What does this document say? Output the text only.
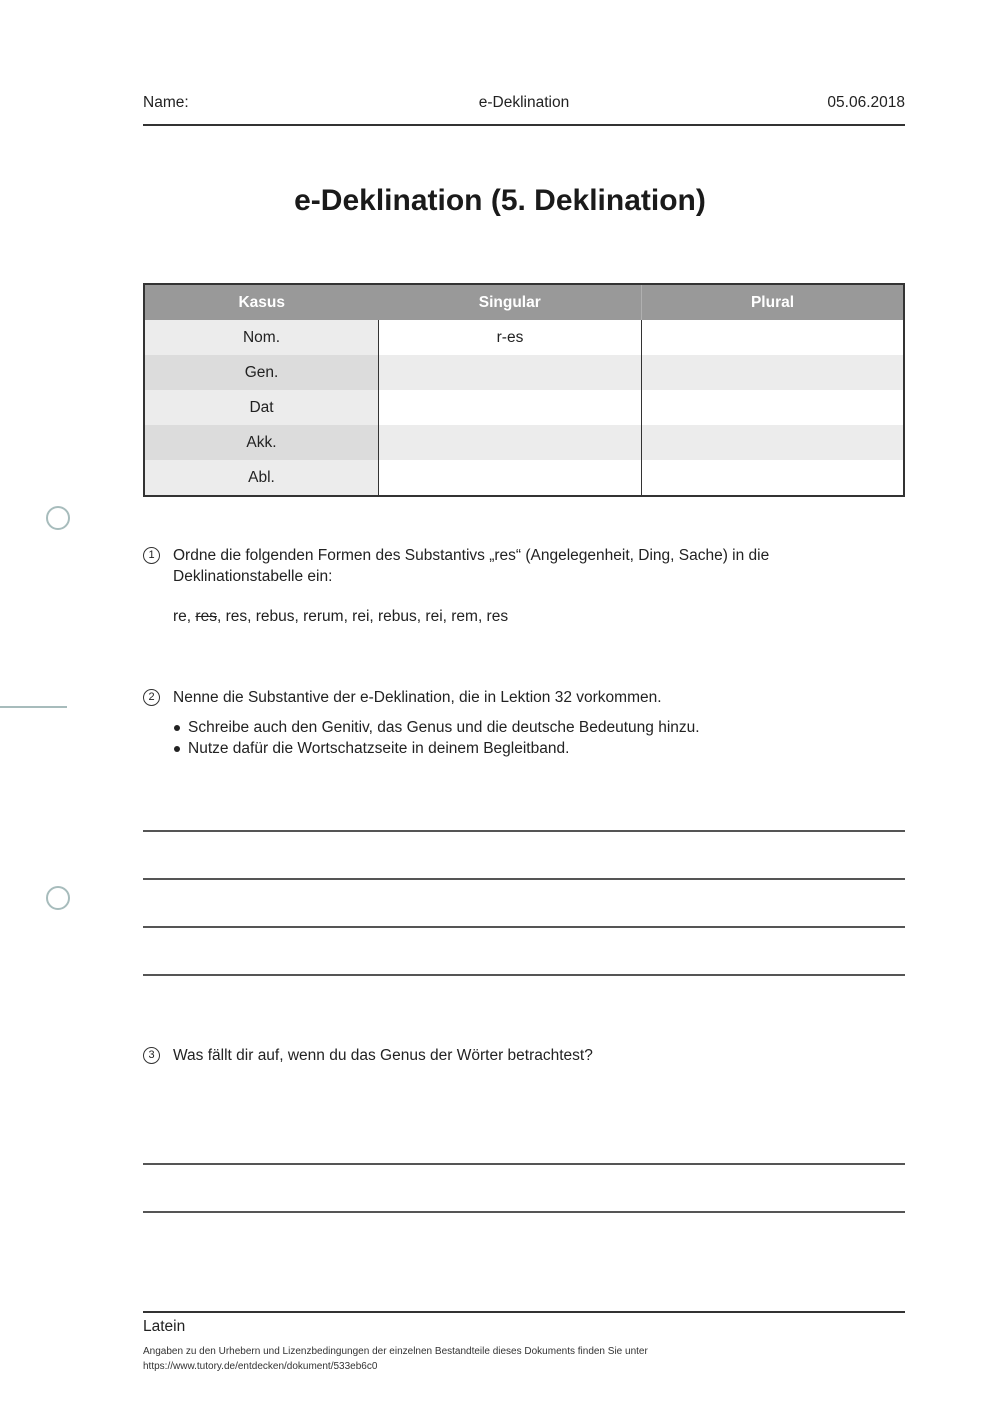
Name:	e-Deklination	05.06.2018
e-Deklination (5. Deklination)
Kasus	Singular	Plural
Nom.	r-es	
Gen.		
Dat		
Akk.		
Abl.		
1	Ordne die folgenden Formen des Substantivs „res“ (Angelegenheit, Ding, Sache) in die Deklinationstabelle ein:
re, res, res, rebus, rerum, rei, rebus, rei, rem, res
2	Nenne die Substantive der e-Deklination, die in Lektion 32 vorkommen.
Schreibe auch den Genitiv, das Genus und die deutsche Bedeutung hinzu.
Nutze dafür die Wortschatzseite in deinem Begleitband.
3	Was fällt dir auf, wenn du das Genus der Wörter betrachtest?
Latein
Angaben zu den Urhebern und Lizenzbedingungen der einzelnen Bestandteile dieses Dokuments finden Sie unter
https://www.tutory.de/entdecken/dokument/533eb6c0
